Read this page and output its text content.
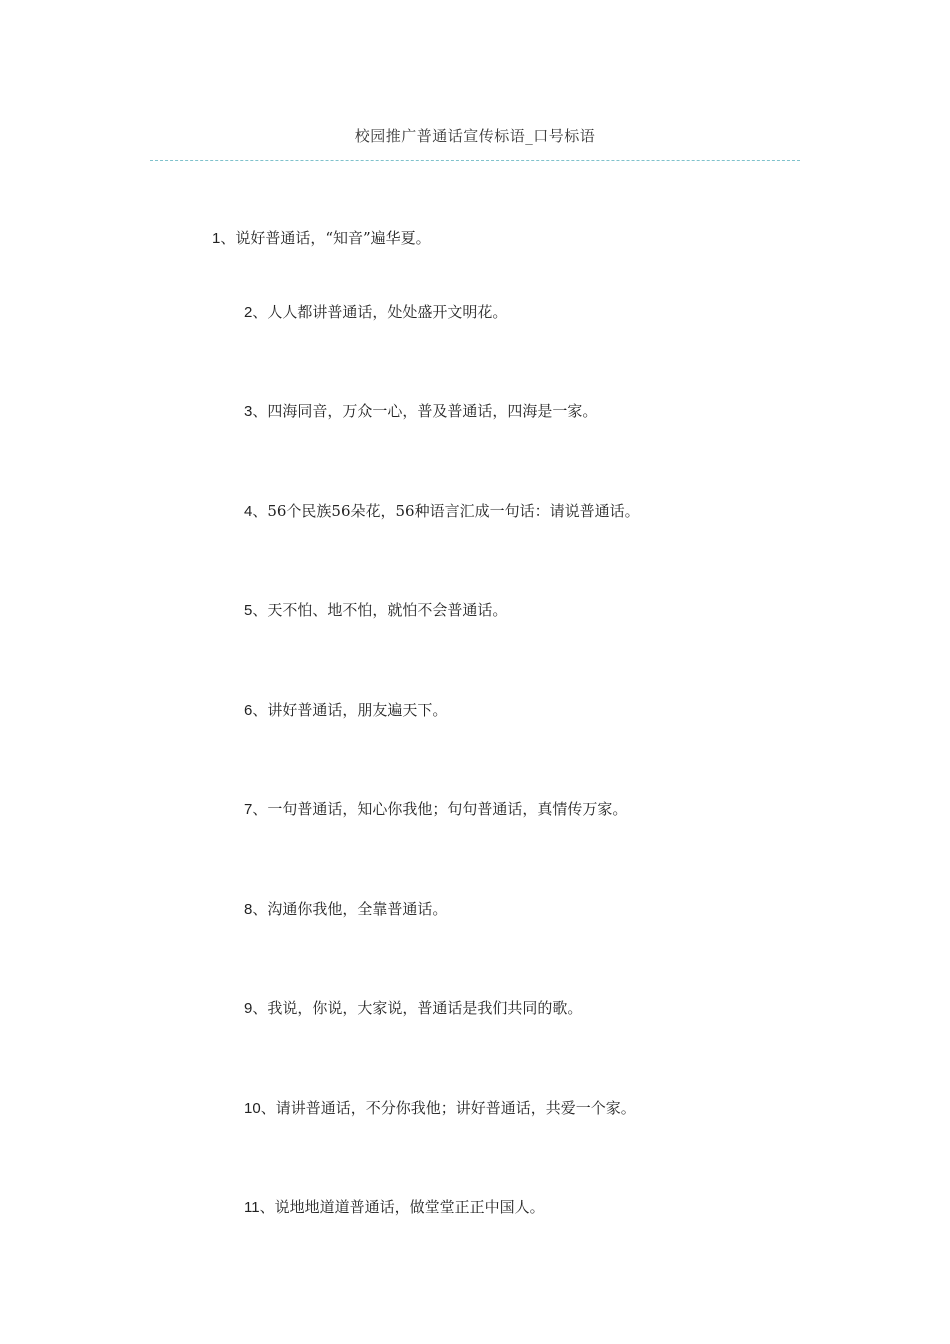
校园推广普通话宣传标语_口号标语
1、说好普通话，“知音”遍华夏。
2、人人都讲普通话，处处盛开文明花。
3、四海同音，万众一心，普及普通话，四海是一家。
4、56个民族56朵花，56种语言汇成一句话：请说普通话。
5、天不怕、地不怕，就怕不会普通话。
6、讲好普通话，朋友遍天下。
7、一句普通话，知心你我他；句句普通话，真情传万家。
8、沟通你我他，全靠普通话。
9、我说，你说，大家说，普通话是我们共同的歌。
10、请讲普通话，不分你我他；讲好普通话，共爱一个家。
11、说地地道道普通话，做堂堂正正中国人。
